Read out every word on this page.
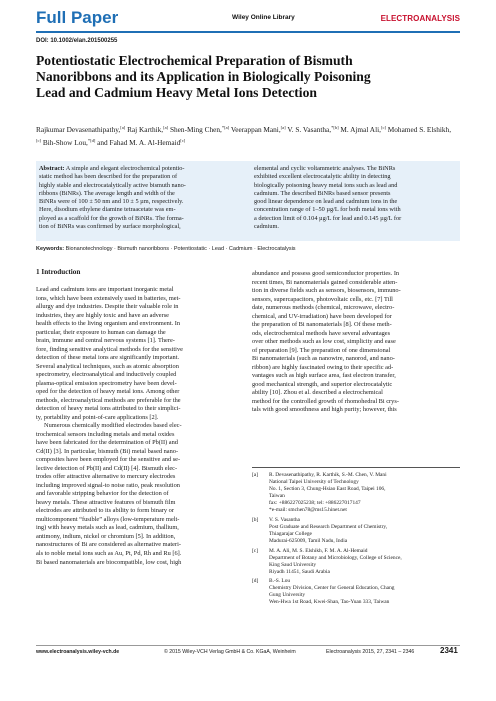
Full Paper	Wiley Online Library	ELECTROANALYSIS
DOI: 10.1002/elan.201500255
Potentiostatic Electrochemical Preparation of Bismuth
Nanoribbons and its Application in Biologically Poisoning
Lead and Cadmium Heavy Metal Ions Detection
Rajkumar Devasenathipathy,[a] Raj Karthik,[a] Shen-Ming Chen,$^{*[a]}$ Veerappan Mani,[a] V. S. Vasantha,$^{*[b]}$ M. Ajmal Ali,[c] Mohamed S. Elshikh,[c] Bih-Show Lou,$^{*[d]}$ and Fahad M. A. Al-Hemaid[c]
Abstract: A simple and elegant electrochemical potentio-
static method has been described for the preparation of
highly stable and electrocatalytically active bismuth nano-
ribbons (BiNRs). The average length and width of the
BiNRs were of 100 ± 50 nm and 10 ± 5 µm, respectively.
Here, disodium ethylene diamine tetraacetate was em-
ployed as a scaffold for the growth of BiNRs. The forma-
tion of BiNRs was confirmed by surface morphological,
elemental and cyclic voltammetric analyses. The BiNRs
exhibited excellent electrocatalytic ability in detecting
biologically poisoning heavy metal ions such as lead and
cadmium. The described BiNRs based sensor presents
good linear dependence on lead and cadmium ions in the
concentration range of 1–50 µg/L for both metal ions with
a detection limit of 0.104 µg/L for lead and 0.145 µg/L for
cadmium.
Keywords: Bionanotechnology · Bismuth nanoribbons · Potentiostatic · Lead · Cadmium · Electrocatalysis
1 Introduction

Lead and cadmium ions are important inorganic metal
ions, which have been extensively used in batteries, met-
allurgy and dye industries. Despite their valuable role in
industries, they are highly toxic and have an adverse
health effects to the living organism and environment. In
particular, their exposure to human can damage the
brain, immune and central nervous systems [1]. There-
fore, finding sensitive analytical methods for the sensitive
detection of these metal ions are significantly important.
Several analytical techniques, such as atomic absorption
spectrometry, electroanalytical and inductively coupled
plasma-optical emission spectrometry have been devel-
oped for the detection of heavy metal ions. Among other
methods, electroanalytical methods are preferable for the
detection of heavy metal ions attributed to their simplici-
ty, portability and point-of-care applications [2].

Numerous chemically modified electrodes based elec-
trochemical sensors including metals and metal oxides
have been fabricated for the determination of Pb(II) and
Cd(II) [3]. In particular, bismuth (Bi) metal based nano-
composites have been employed for the sensitive and se-
lective detection of Pb(II) and Cd(II) [4]. Bismuth elec-
trodes offer attractive alternative to mercury electrodes
including improved signal-to noise ratio, peak resolution
and favorable stripping behavior for the detection of
heavy metals. These attractive features of bismuth film
electrodes are attributed to its ability to form binary or
multicomponent “fusible” alloys (low-temperature melt-
ing) with heavy metals such as lead, cadmium, thallium,
antimony, indium, nickel or chromium [5]. In addition,
nanostructures of Bi are considered as alternative materi-
als to noble metal ions such as Au, Pt, Pd, Rh and Ru [6].
Bi based nanomaterials are biocompatible, low cost, high

abundance and possess good semiconductor properties. In
recent times, Bi nanomaterials gained considerable atten-
tion in diverse fields such as sensors, biosensors, immuno-
sensors, supercapacitors, photovoltaic cells, etc. [7] Till
date, numerous methods (chemical, microwave, electro-
chemical, and UV-irradiation) have been developed for
the preparation of Bi nanomaterials [8]. Of these meth-
ods, electrochemical methods have several advantages
over other methods such as low cost, simplicity and ease
of preparation [9]. The preparation of one dimensional
Bi nanomaterials (such as nanowire, nanorod, and nano-
ribbon) are highly fascinated owing to their specific ad-
vantages such as high surface area, fast electron transfer,
good mechanical strength, and superior electrocatalytic
ability [10]. Zhou et al. described a electrochemical
method for the controlled growth of rhomohedral Bi crys-
tals with good smoothness and high purity; however, this
[a] R. Devasenathipathy, R. Karthik, S.-M. Chen, V. Mani
National Taipei University of Technology
No. 1, Section 3, Chung-Hsiao East Road, Taipei 106,
Taiwan
fax: +886227025238; tel: +886227017147
*e-mail: smchen78@ms15.hinet.net
[b] V. S. Vasantha
Post Graduate and Research Department of Chemistry,
Thiagarajar College
Madurai-625009, Tamil Nadu, India
[c] M. A. Ali, M. S. Elshikh, F. M. A. Al-Hemaid
Department of Botany and Microbiology, College of Science,
King Saud University
Riyadh 11451, Saudi Arabia
[d] B.-S. Lou
Chemistry Division, Center for General Education, Chang
Gung University
Wen-Hwa 1st Road, Kwei-Shan, Tao-Yuan 333, Taiwan
www.electroanalysis.wiley-vch.de	© 2015 Wiley-VCH Verlag GmbH & Co. KGaA, Weinheim	Electroanalysis 2015, 27, 2341 – 2346	2341
